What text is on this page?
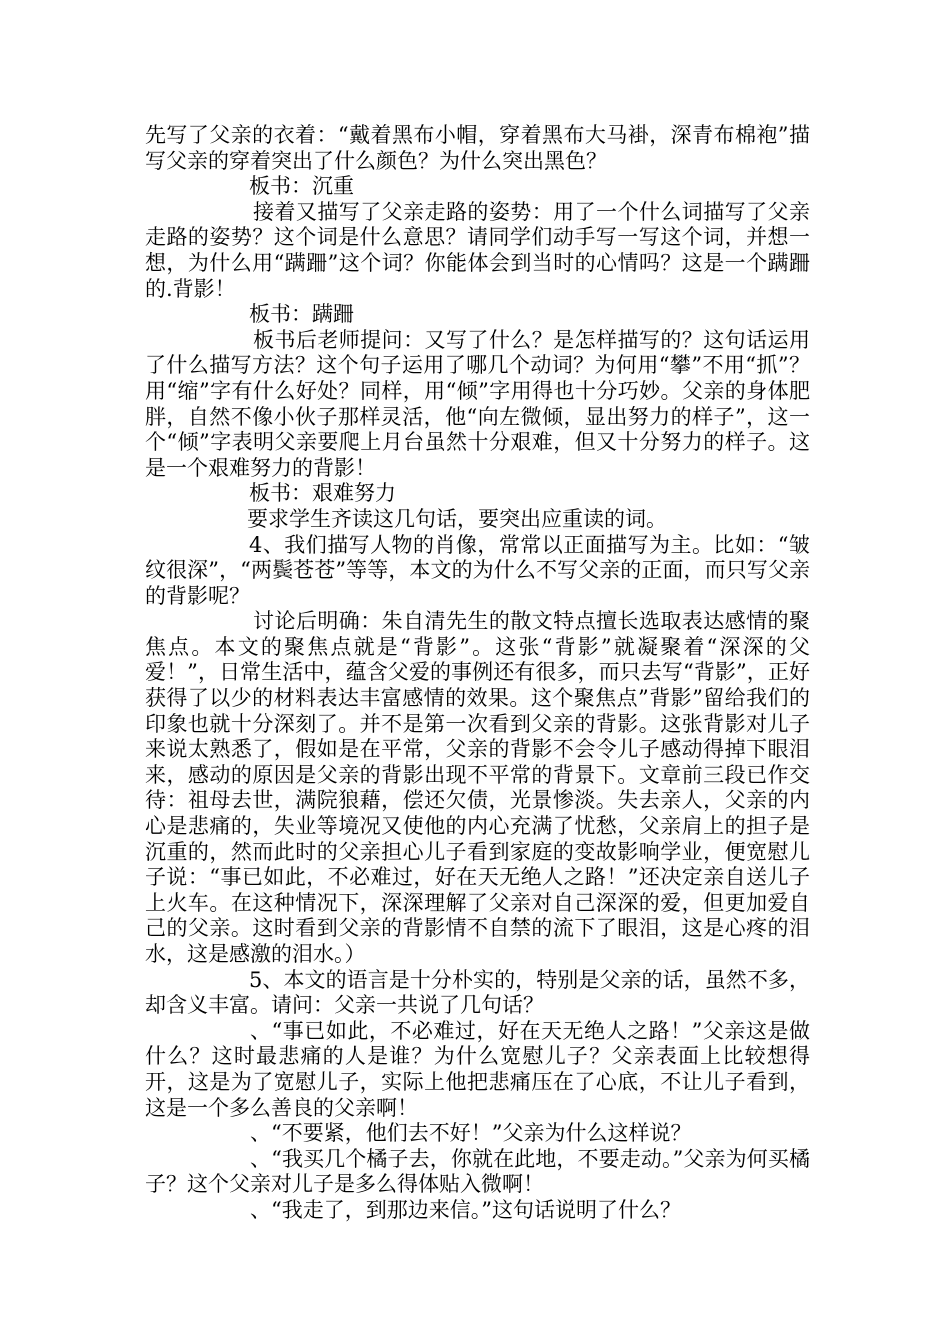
先写了父亲的衣着：“戴着黑布小帽，穿着黑布大马褂，深青布棉袍”描写父亲的穿着突出了什么颜色？为什么突出黑色？

板书：沉重

接着又描写了父亲走路的姿势：用了一个什么词描写了父亲走路的姿势？这个词是什么意思？请同学们动手写一写这个词，并想一想，为什么用“蹒跚”这个词？你能体会到当时的心情吗？这是一个蹒跚的.背影！

板书：蹒跚

板书后老师提问：又写了什么？是怎样描写的？这句话运用了什么描写方法？这个句子运用了哪几个动词？为何用“攀”不用“抓”？用“缩”字有什么好处？同样，用“倾”字用得也十分巧妙。父亲的身体肥胖，自然不像小伙子那样灵活，他“向左微倾，显出努力的样子”，这一个“倾”字表明父亲要爬上月台虽然十分艰难，但又十分努力的样子。这是一个艰难努力的背影！

板书：艰难努力

要求学生齐读这几句话，要突出应重读的词。

4、我们描写人物的肖像，常常以正面描写为主。比如：“皱纹很深”，“两鬓苍苍”等等，本文的为什么不写父亲的正面，而只写父亲的背影呢？

讨论后明确：朱自清先生的散文特点擅长选取表达感情的聚焦点。本文的聚焦点就是“背影”。这张“背影”就凝聚着“深深的父爱！”，日常生活中，蕴含父爱的事例还有很多，而只去写“背影”，正好获得了以少的材料表达丰富感情的效果。这个聚焦点”背影”留给我们的印象也就十分深刻了。并不是第一次看到父亲的背影。这张背影对儿子来说太熟悉了，假如是在平常，父亲的背影不会令儿子感动得掉下眼泪来，感动的原因是父亲的背影出现不平常的背景下。文章前三段已作交待：祖母去世，满院狼藉，偿还欠债，光景惨淡。失去亲人，父亲的内心是悲痛的，失业等境况又使他的内心充满了忧愁，父亲肩上的担子是沉重的，然而此时的父亲担心儿子看到家庭的变故影响学业，便宽慰儿子说：“事已如此，不必难过，好在天无绝人之路！”还决定亲自送儿子上火车。在这种情况下，深深理解了父亲对自己深深的爱，但更加爱自己的父亲。这时看到父亲的背影情不自禁的流下了眼泪，这是心疼的泪水，这是感激的泪水。）

5、本文的语言是十分朴实的，特别是父亲的话，虽然不多，却含义丰富。请问：父亲一共说了几句话？

、“事已如此，不必难过，好在天无绝人之路！”父亲这是做什么？这时最悲痛的人是谁？为什么宽慰儿子？父亲表面上比较想得开，这是为了宽慰儿子，实际上他把悲痛压在了心底，不让儿子看到，这是一个多么善良的父亲啊！

、“不要紧，他们去不好！”父亲为什么这样说？

、“我买几个橘子去，你就在此地，不要走动。”父亲为何买橘子？这个父亲对儿子是多么得体贴入微啊！

、“我走了，到那边来信。”这句话说明了什么？
